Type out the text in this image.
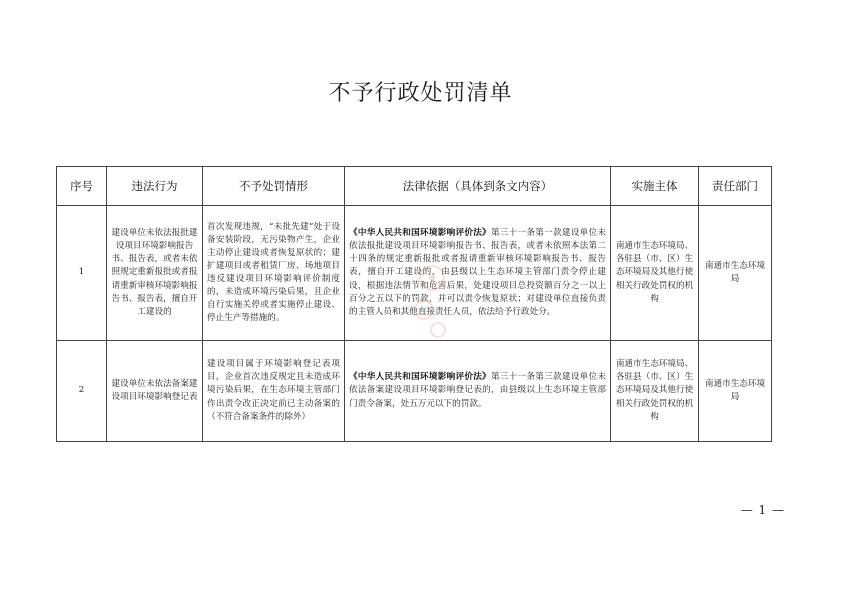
不予行政处罚清单
序号	违法行为	不予处罚情形	法律依据（具体到条文内容）	实施主体	责任部门
1	建设单位未依法报批建设项目环境影响报告书、报告表，或者未依照规定重新报批或者报请重新审核环境影响报告书、报告表，擅自开工建设的	首次发现违规，“未批先建”处于设备安装阶段，无污染物产生，企业主动停止建设或者恢复原状的；建扩建项目或者租赁厂房、场地项目违反建设项目环境影响评价制度的，未造成环境污染后果，且企业自行实施关停或者实施停止建设、停止生产等措施的。	《中华人民共和国环境影响评价法》第三十一条第一款建设单位未依法报批建设项目环境影响报告书、报告表，或者未依照本法第二十四条的规定重新报批或者报请重新审核环境影响报告书、报告表，擅自开工建设的，由县级以上生态环境主管部门责令停止建设，根据违法情节和危害后果，处建设项目总投资额百分之一以上百分之五以下的罚款，并可以责令恢复原状；对建设单位直接负责的主管人员和其他直接责任人员，依法给予行政处分。	南通市生态环境局、各驻县（市、区）生态环境局及其他行使相关行政处罚权的机构	南通市生态环境局
2	建设单位未依法备案建设项目环境影响登记表	建设项目属于环境影响登记表项目，企业首次违反规定且未造成环境污染后果，在生态环境主管部门作出责令改正决定前已主动备案的（不符合备案条件的除外）	《中华人民共和国环境影响评价法》第三十一条第三款建设单位未依法备案建设项目环境影响登记表的，由县级以上生态环境主管部门责令备案，处五万元以下的罚款。	南通市生态环境局、各驻县（市、区）生态环境局及其他行使相关行政处罚权的机构	南通市生态环境局
— 1 —
